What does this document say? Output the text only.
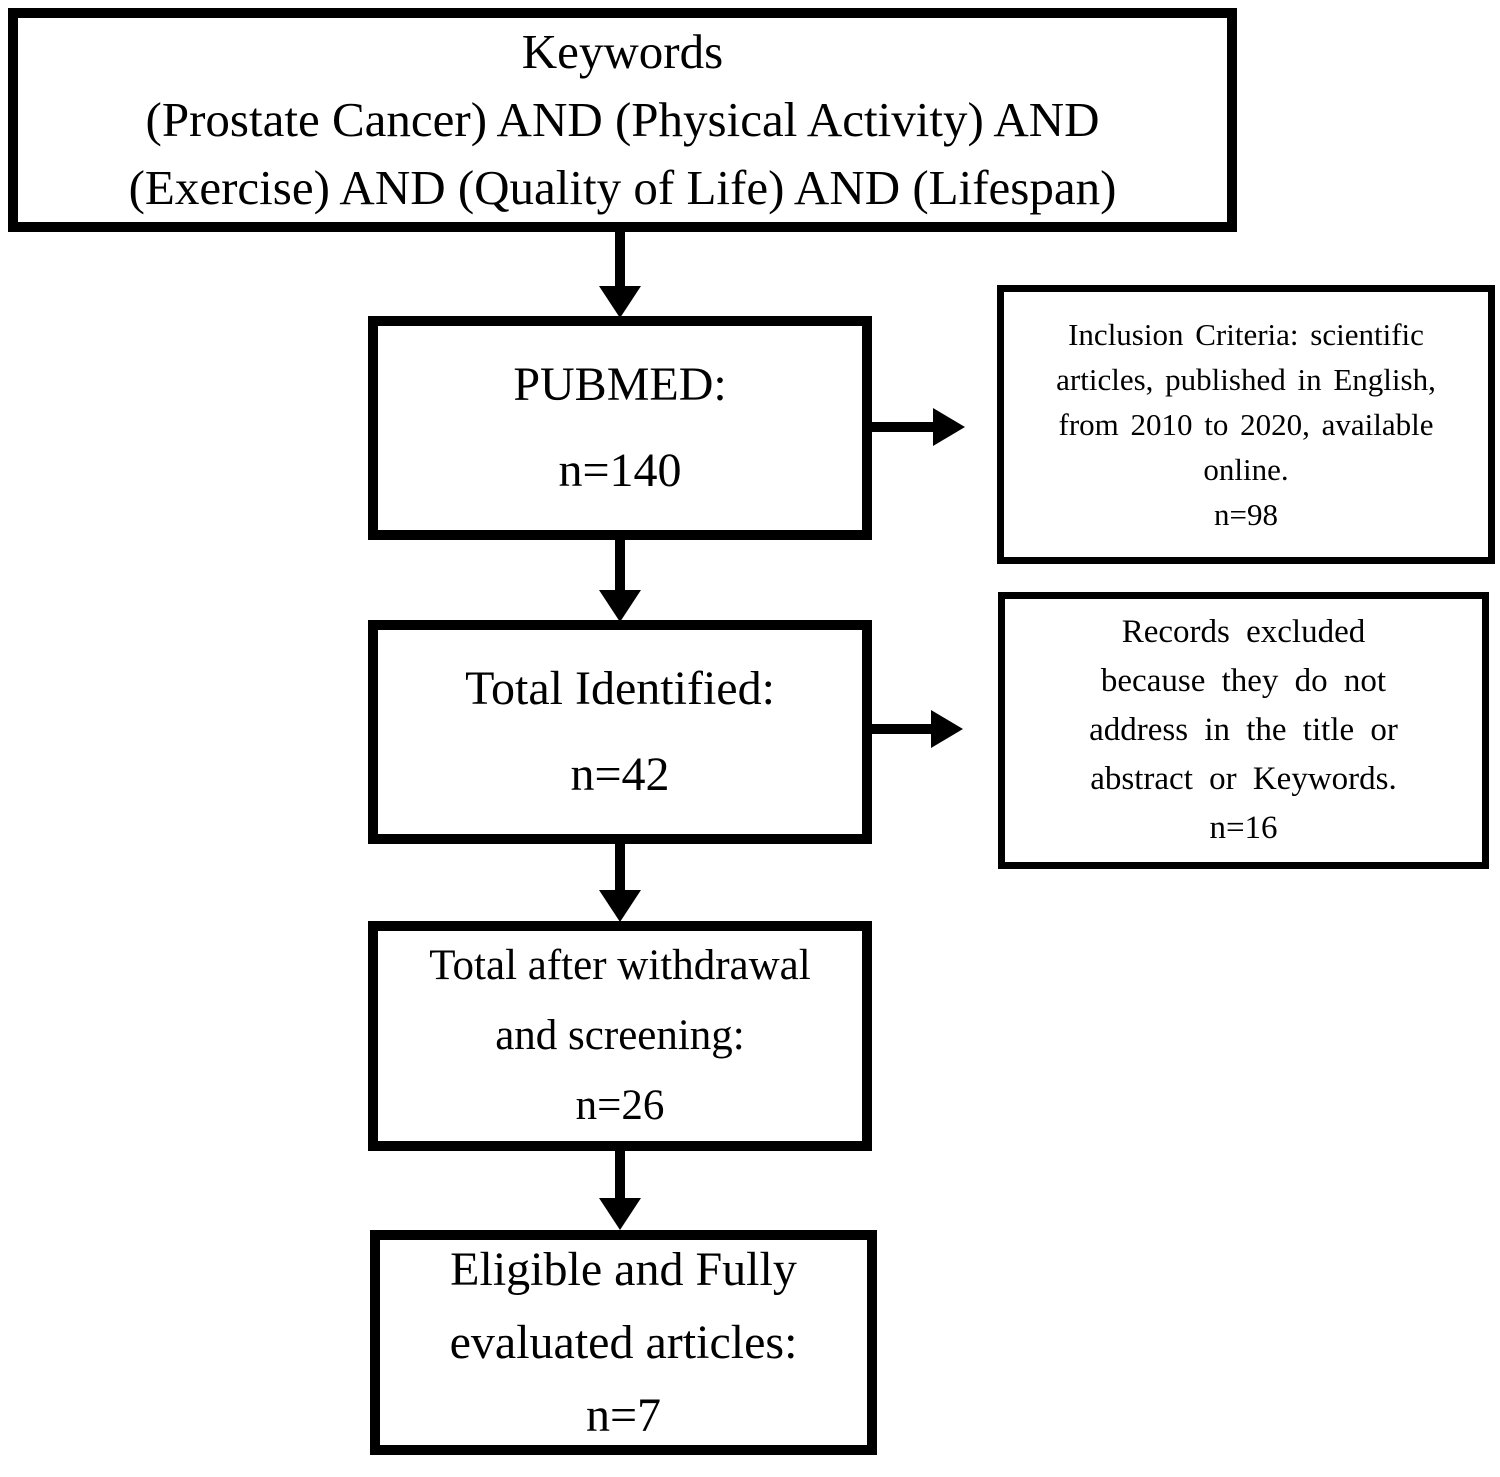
Keywords
(Prostate Cancer) AND (Physical Activity) AND
(Exercise) AND (Quality of Life) AND (Lifespan)
PUBMED:
n=140
Inclusion Criteria: scientific
articles, published in English,
from 2010 to 2020, available
online.
n=98
Total Identified:
n=42
Records excluded
because they do not
address in the title or
abstract or Keywords.
n=16
Total after withdrawal
and screening:
n=26
Eligible and Fully
evaluated articles:
n=7
